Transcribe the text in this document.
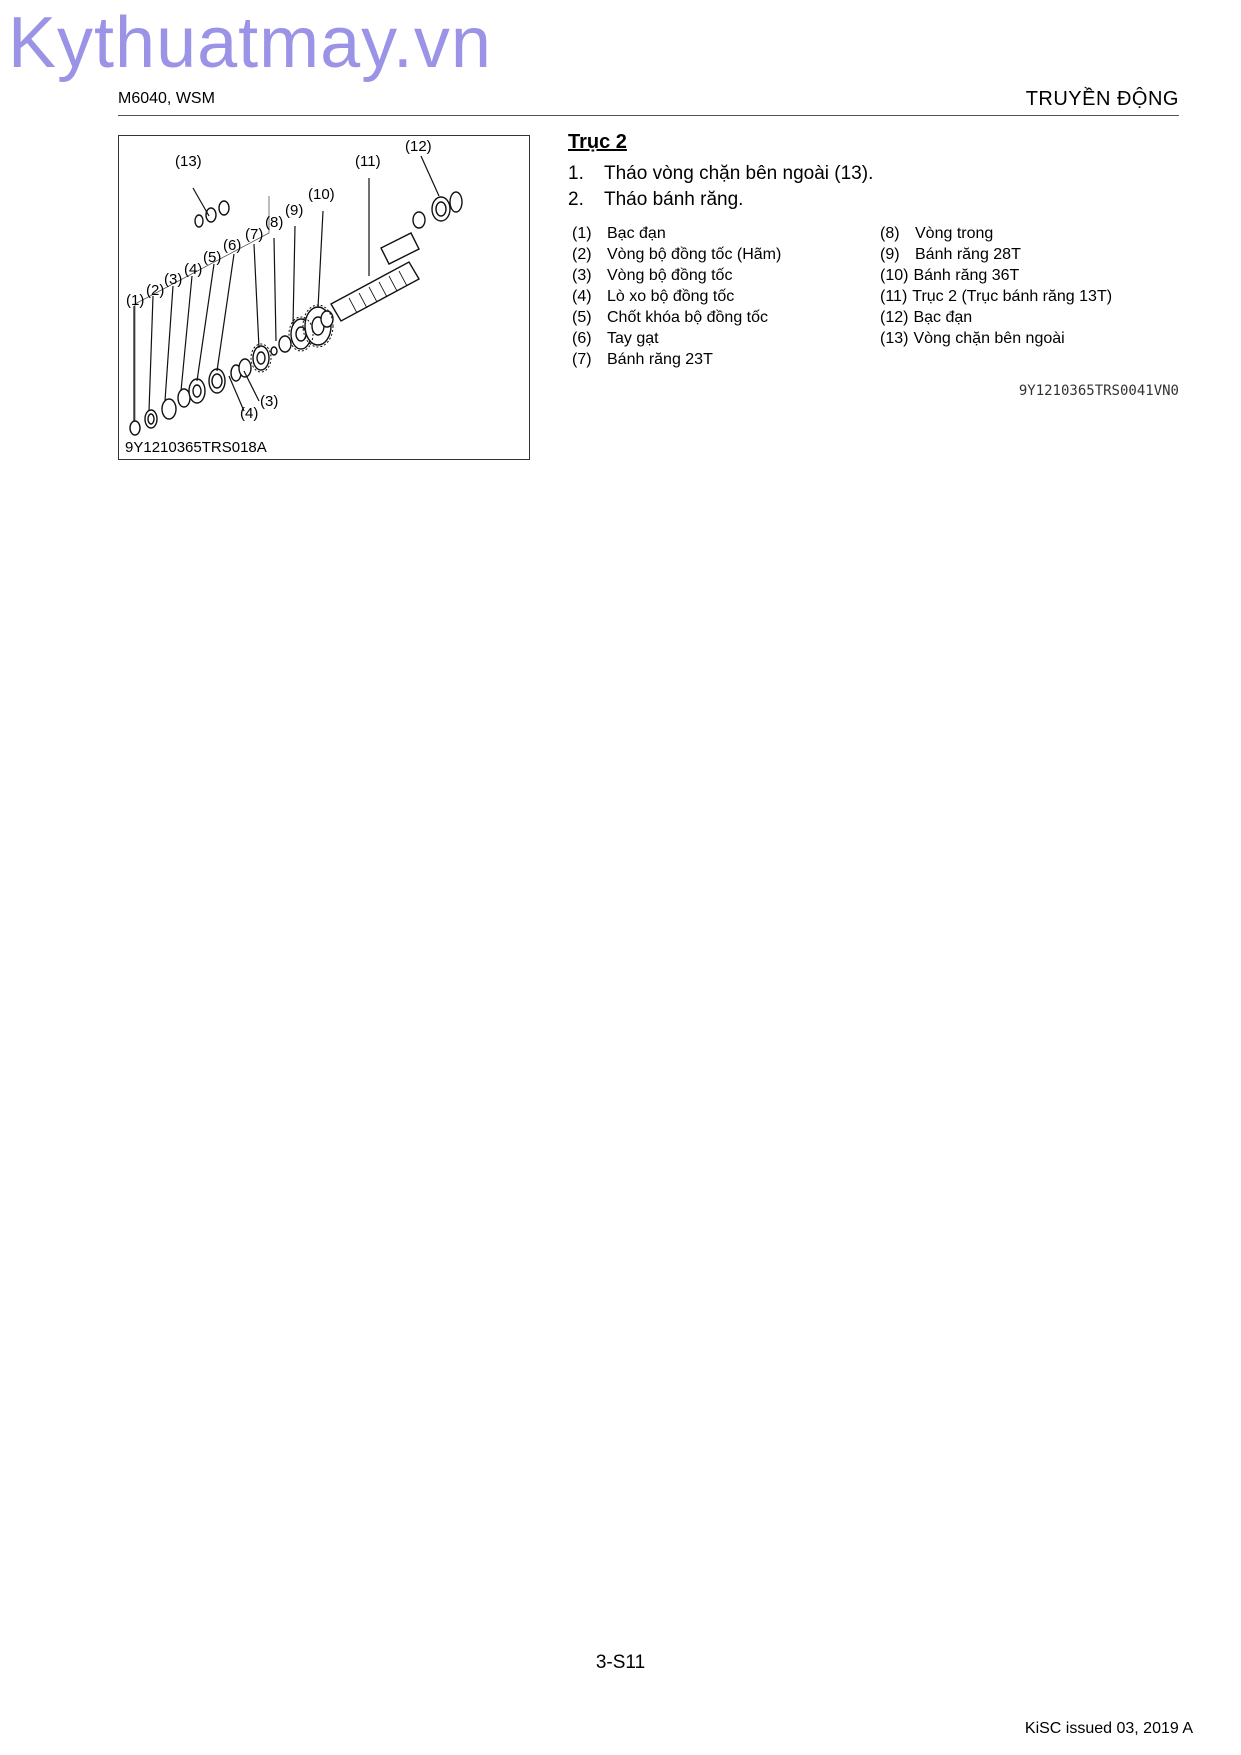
Kythuatmay.vn
M6040, WSM	TRUYỀN ĐỘNG
(1)
(2)
(3)
(4)
(5)
(6)
(7)
(8)
(9)
(10)
(11)
(12)
(13)
(4)
(3)
9Y1210365TRS018A
Trục 2
1.	Tháo vòng chặn bên ngoài (13).
2.	Tháo bánh răng.
(1) Bạc đạn
(2) Vòng bộ đồng tốc (Hãm)
(3) Vòng bộ đồng tốc
(4) Lò xo bộ đồng tốc
(5) Chốt khóa bộ đồng tốc
(6) Tay gạt
(7) Bánh răng 23T
(8) Vòng trong
(9) Bánh răng 28T
(10) Bánh răng 36T
(11) Trục 2 (Trục bánh răng 13T)
(12) Bạc đạn
(13) Vòng chặn bên ngoài
9Y1210365TRS0041VN0
3-S11
KiSC issued 03, 2019 A
